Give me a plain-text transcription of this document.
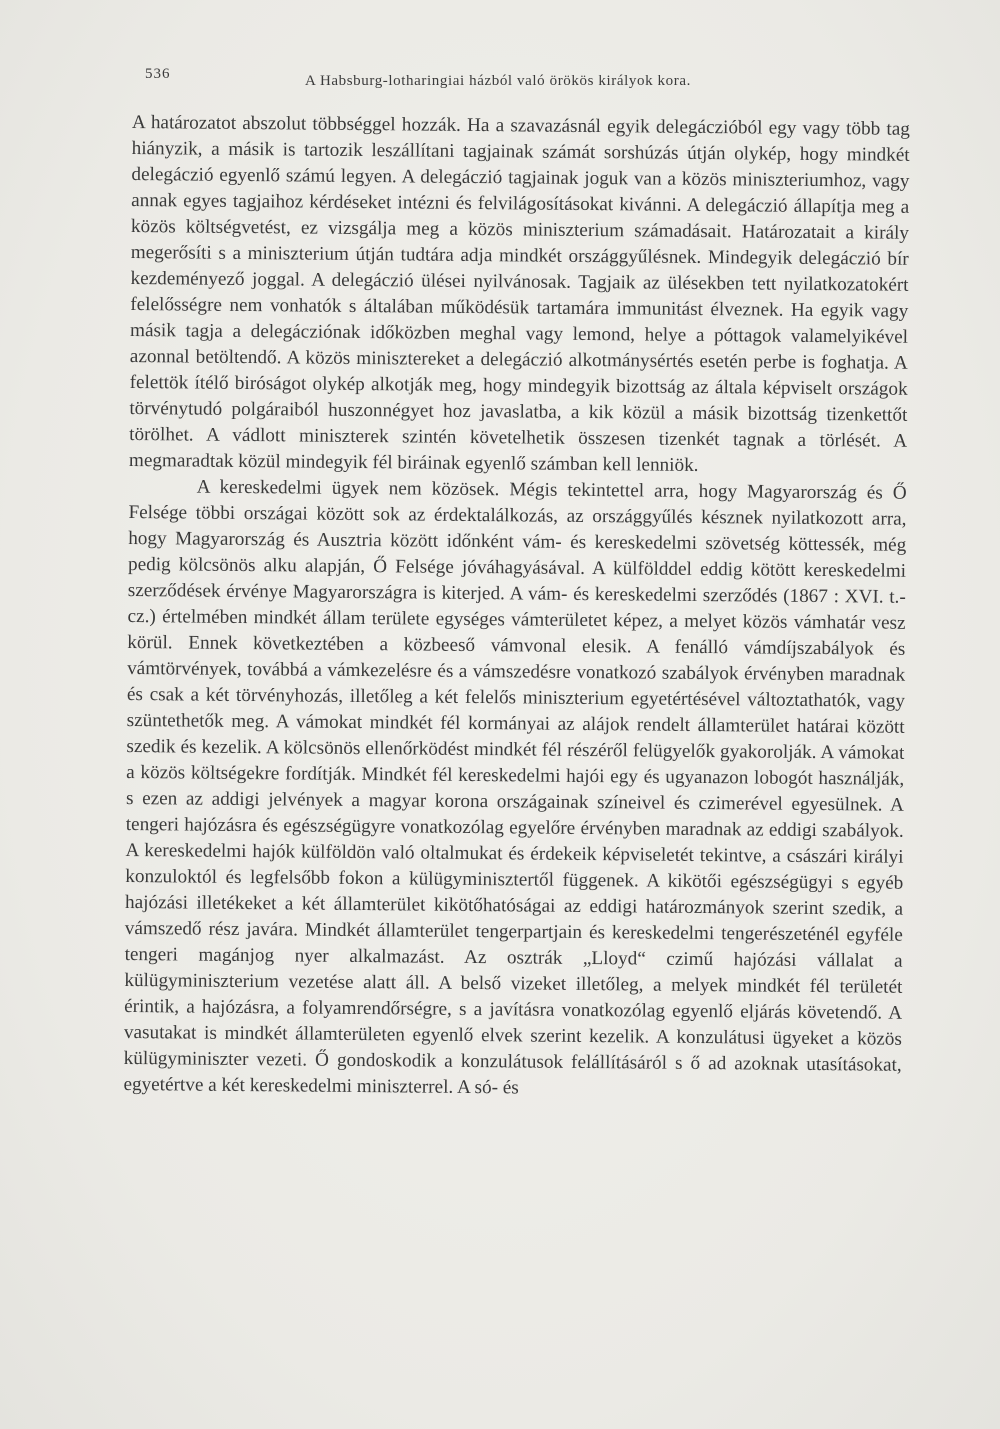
536	A Habsburg-lotharingiai házból való örökös királyok kora.

A határozatot abszolut többséggel hozzák. Ha a szavazásnál egyik delegáczióból egy vagy több tag hiányzik, a másik is tartozik leszállítani tagjainak számát sorshúzás útján olykép, hogy mindkét delegáczió egyenlő számú legyen. A delegáczió tagjainak joguk van a közös miniszteriumhoz, vagy annak egyes tagjaihoz kérdéseket intézni és felvilágosításokat kivánni. A delegáczió állapítja meg a közös költségvetést, ez vizsgálja meg a közös miniszterium számadásait. Határozatait a király megerősíti s a miniszterium útján tudtára adja mindkét országgyűlésnek. Mindegyik delegáczió bír kezdeményező joggal. A delegáczió ülései nyilvánosak. Tagjaik az ülésekben tett nyilatkozatokért felelősségre nem vonhatók s általában működésük tartamára immunitást élveznek. Ha egyik vagy másik tagja a delegácziónak időközben meghal vagy lemond, helye a póttagok valamelyikével azonnal betöltendő. A közös minisztereket a delegáczió alkotmánysértés esetén perbe is foghatja. A felettök ítélő biróságot olykép alkotják meg, hogy mindegyik bizottság az általa képviselt országok törvénytudó polgáraiból huszonnégyet hoz javaslatba, a kik közül a másik bizottság tizenkettőt törölhet. A vádlott miniszterek szintén követelhetik összesen tizenkét tagnak a törlését. A megmaradtak közül mindegyik fél biráinak egyenlő számban kell lenniök.

A kereskedelmi ügyek nem közösek. Mégis tekintettel arra, hogy Magyarország és Ő Felsége többi országai között sok az érdektalálkozás, az országgyűlés késznek nyilatkozott arra, hogy Magyarország és Ausztria között időnként vám- és kereskedelmi szövetség köttessék, még pedig kölcsönös alku alapján, Ő Felsége jóváhagyásával. A külfölddel eddig kötött kereskedelmi szerződések érvénye Magyarországra is kiterjed. A vám- és kereskedelmi szerződés (1867 : XVI. t.-cz.) értelmében mindkét állam területe egységes vámterületet képez, a melyet közös vámhatár vesz körül. Ennek következtében a közbeeső vámvonal elesik. A fenálló vámdíjszabályok és vámtörvények, továbbá a vámkezelésre és a vámszedésre vonatkozó szabályok érvényben maradnak és csak a két törvényhozás, illetőleg a két felelős miniszterium egyetértésével változtathatók, vagy szüntethetők meg. A vámokat mindkét fél kormányai az alájok rendelt államterület határai között szedik és kezelik. A kölcsönös ellenőrködést mindkét fél részéről felügyelők gyakorolják. A vámokat a közös költségekre fordítják. Mindkét fél kereskedelmi hajói egy és ugyanazon lobogót használják, s ezen az addigi jelvények a magyar korona országainak színeivel és czimerével egyesülnek. A tengeri hajózásra és egészségügyre vonatkozólag egyelőre érvényben maradnak az eddigi szabályok. A kereskedelmi hajók külföldön való oltalmukat és érdekeik képviseletét tekintve, a császári királyi konzuloktól és legfelsőbb fokon a külügyminisztertől függenek. A kikötői egészségügyi s egyéb hajózási illetékeket a két államterület kikötőhatóságai az eddigi határozmányok szerint szedik, a vámszedő rész javára. Mindkét államterület tengerpartjain és kereskedelmi tengerészeténél egyféle tengeri magánjog nyer alkalmazást. Az osztrák „Lloyd“ czimű hajózási vállalat a külügyminiszterium vezetése alatt áll. A belső vizeket illetőleg, a melyek mindkét fél területét érintik, a hajózásra, a folyamrendőrségre, s a javításra vonatkozólag egyenlő eljárás követendő. A vasutakat is mindkét államterületen egyenlő elvek szerint kezelik. A konzulátusi ügyeket a közös külügyminiszter vezeti. Ő gondoskodik a konzulátusok felállításáról s ő ad azoknak utasításokat, egyetértve a két kereskedelmi miniszterrel. A só- és
